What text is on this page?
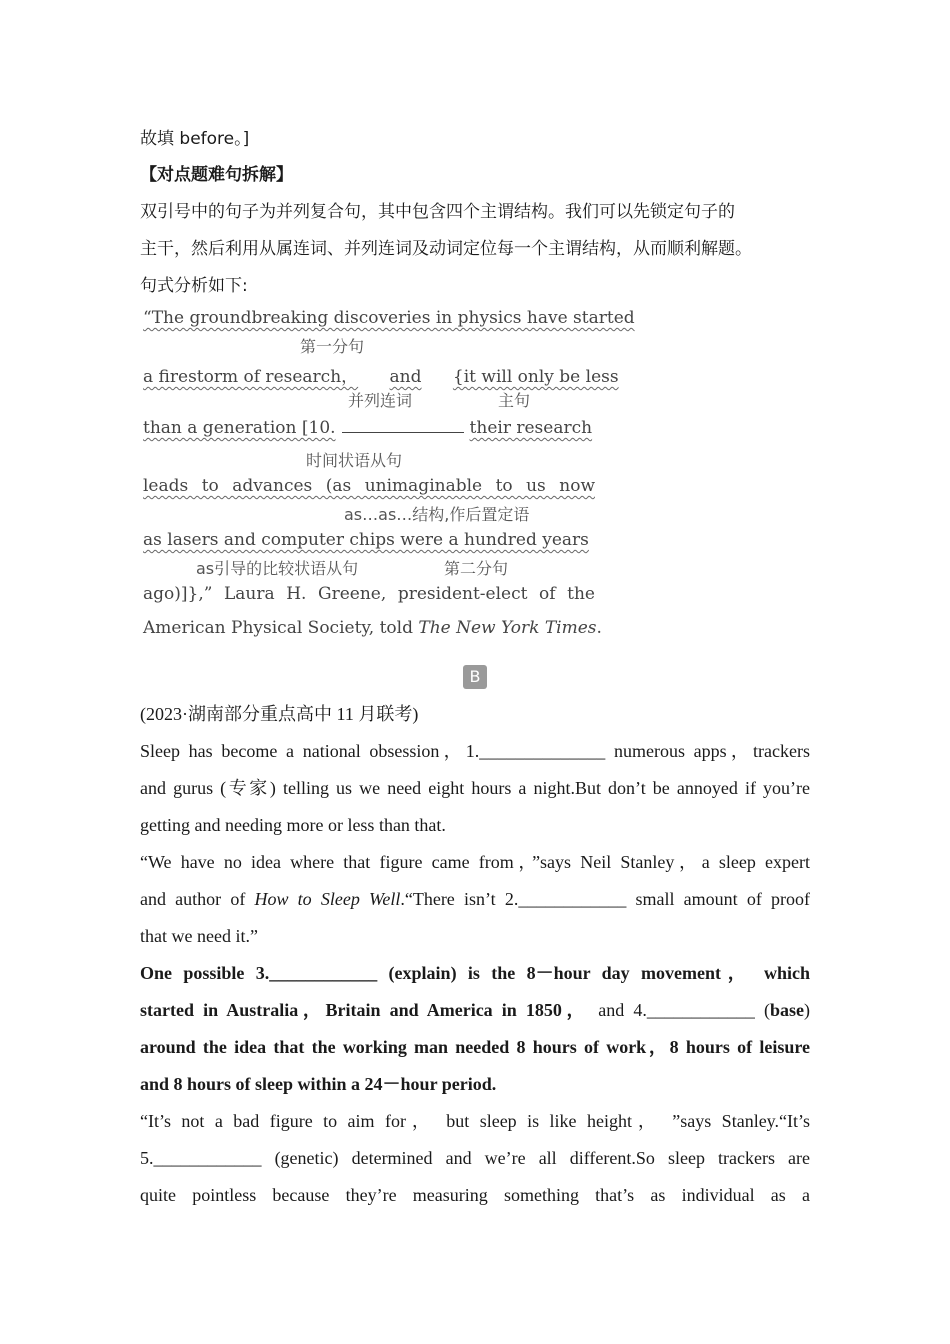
故填 before。]
【对点题难句拆解】
双引号中的句子为并列复合句，其中包含四个主谓结构。我们可以先锁定句子的
主干，然后利用从属连词、并列连词及动词定位每一个主谓结构，从而顺利解题。
句式分析如下:
“The groundbreaking discoveries in physics have started
第一分句
a firestorm of research， and {it will only be less
并列连词	主句
than a generation [10.	their research
时间状语从句
leads to advances (as unimaginable to us now
as…as…结构,作后置定语
as lasers and computer chips were a hundred years
as引导的比较状语从句	第二分句
ago)]},” Laura H. Greene, president-elect of the
American Physical Society, told The New York Times.
B
(2023·湖南部分重点高中 11 月联考)
Sleep has become a national obsession，1.______________ numerous apps，trackers
and gurus (专家) telling us we need eight hours a night.But don’t be annoyed if you’re
getting and needing more or less than that.
“We have no idea where that figure came from，”says Neil Stanley，a sleep expert
and author of How to Sleep Well.“There isn’t 2.____________ small amount of proof
that we need it.”
One possible 3.____________ (explain) is the 8－hour day movement， which
started in Australia，Britain and America in 1850， and 4.____________ (base)
around the idea that the working man needed 8 hours of work，8 hours of leisure
and 8 hours of sleep within a 24－hour period.
“It’s not a bad figure to aim for， but sleep is like height， ”says Stanley.“It’s
5.____________ (genetic) determined and we’re all different.So sleep trackers are
quite pointless because they’re measuring something that’s as individual as a
